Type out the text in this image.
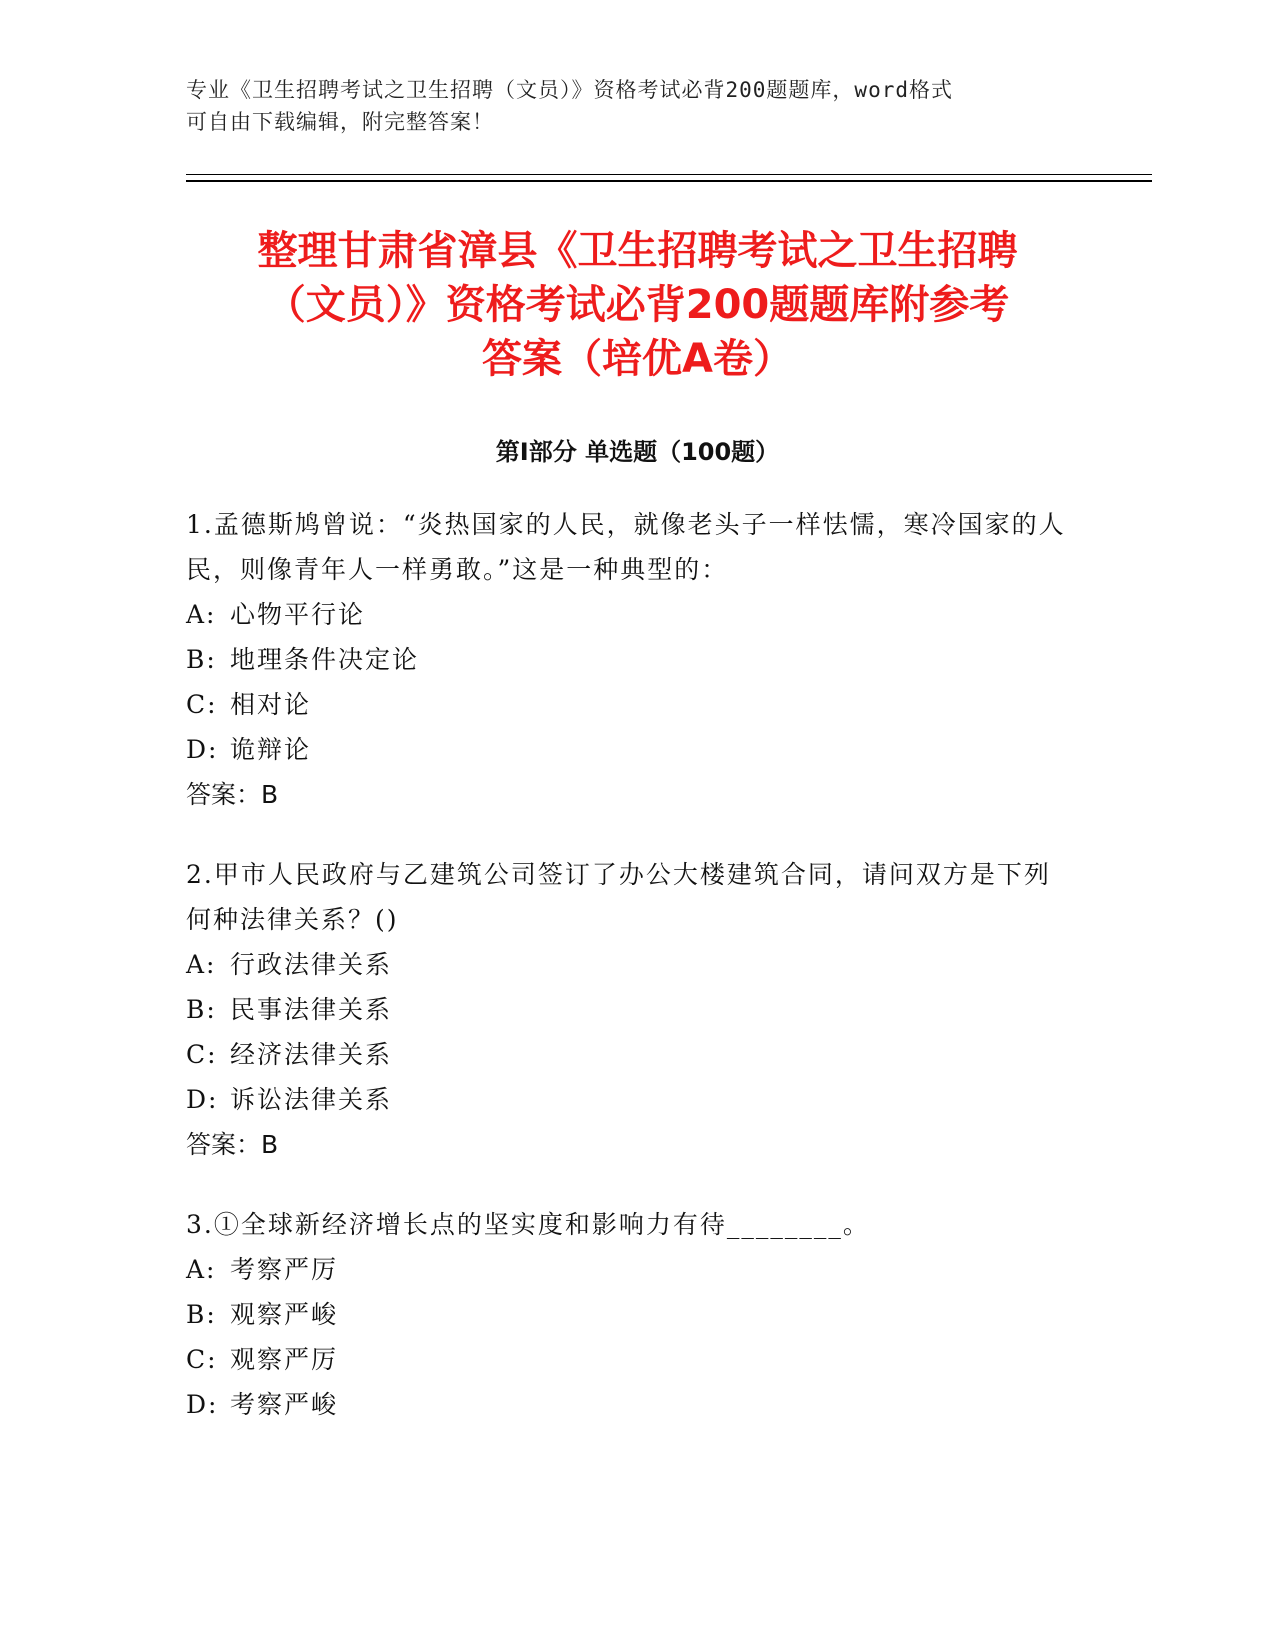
专业《卫生招聘考试之卫生招聘（文员）》资格考试必背200题题库，word格式
可自由下载编辑，附完整答案！
整理甘肃省漳县《卫生招聘考试之卫生招聘
（文员）》资格考试必背200题题库附参考
答案（培优A卷）
第Ⅰ部分 单选题（100题）

1.孟德斯鸠曾说：“炎热国家的人民，就像老头子一样怯懦，寒冷国家的人民，则像青年人一样勇敢。”这是一种典型的：

A: 心物平行论

B: 地理条件决定论

C: 相对论

D: 诡辩论

答案：B

2.甲市人民政府与乙建筑公司签订了办公大楼建筑合同，请问双方是下列何种法律关系？()

A: 行政法律关系

B: 民事法律关系

C: 经济法律关系

D: 诉讼法律关系

答案：B

3.①全球新经济增长点的坚实度和影响力有待________。

A: 考察严厉

B: 观察严峻

C: 观察严厉

D: 考察严峻
